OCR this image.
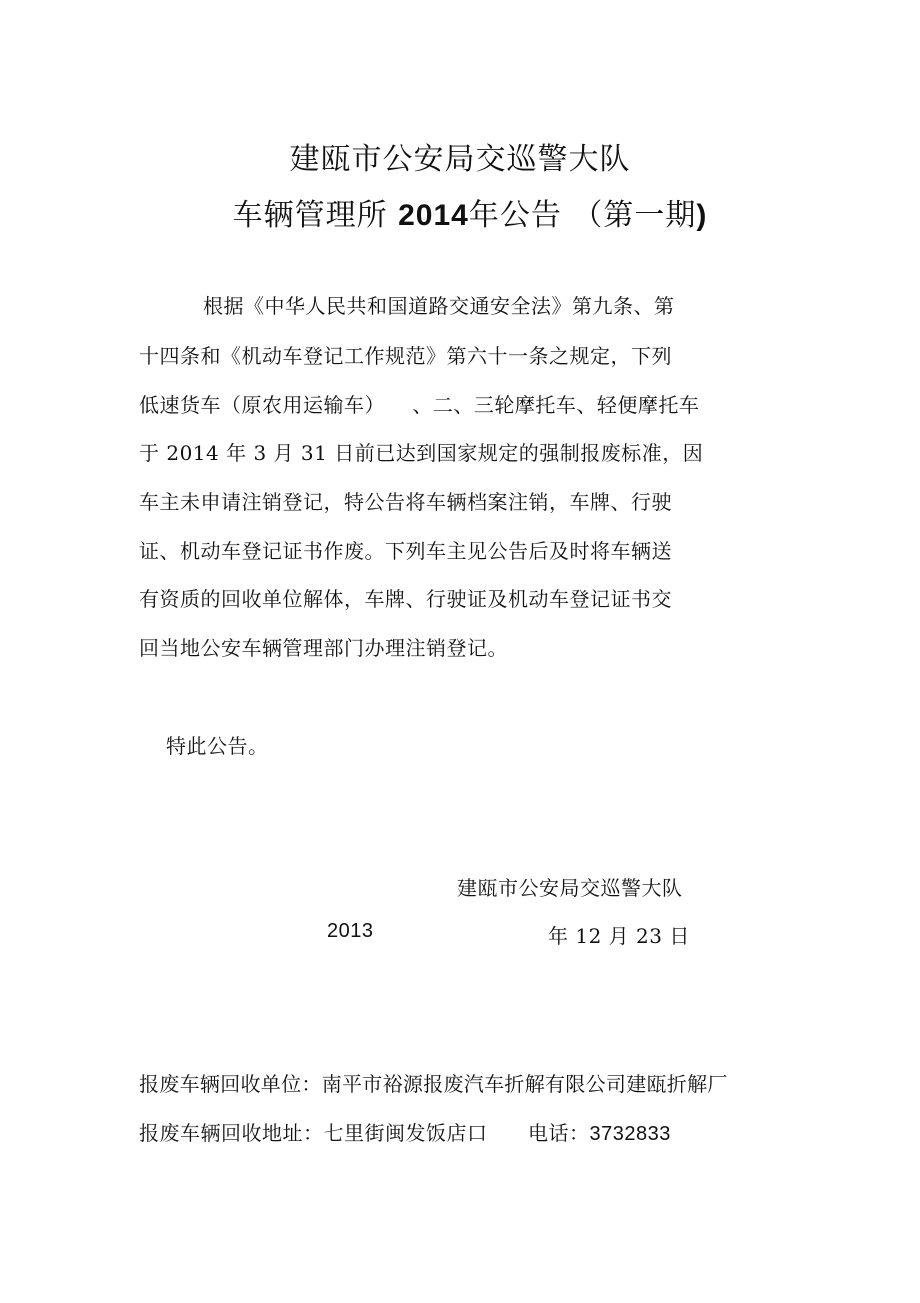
建瓯市公安局交巡警大队
车辆管理所 2014年公告 （第一期)
根据《中华人民共和国道路交通安全法》第九条、第
十四条和《机动车登记工作规范》第六十一条之规定，下列
低速货车（原农用运输车）    、二、三轮摩托车、轻便摩托车
于 2014 年 3 月 31 日前已达到国家规定的强制报废标准，因
车主未申请注销登记，特公告将车辆档案注销，车牌、行驶
证、机动车登记证书作废。下列车主见公告后及时将车辆送
有资质的回收单位解体，车牌、行驶证及机动车登记证书交
回当地公安车辆管理部门办理注销登记。
特此公告。
建瓯市公安局交巡警大队
2013	年 12 月 23 日
报废车辆回收单位：南平市裕源报废汽车折解有限公司建瓯折解厂
报废车辆回收地址：七里街闽发饭店口 电话：3732833
